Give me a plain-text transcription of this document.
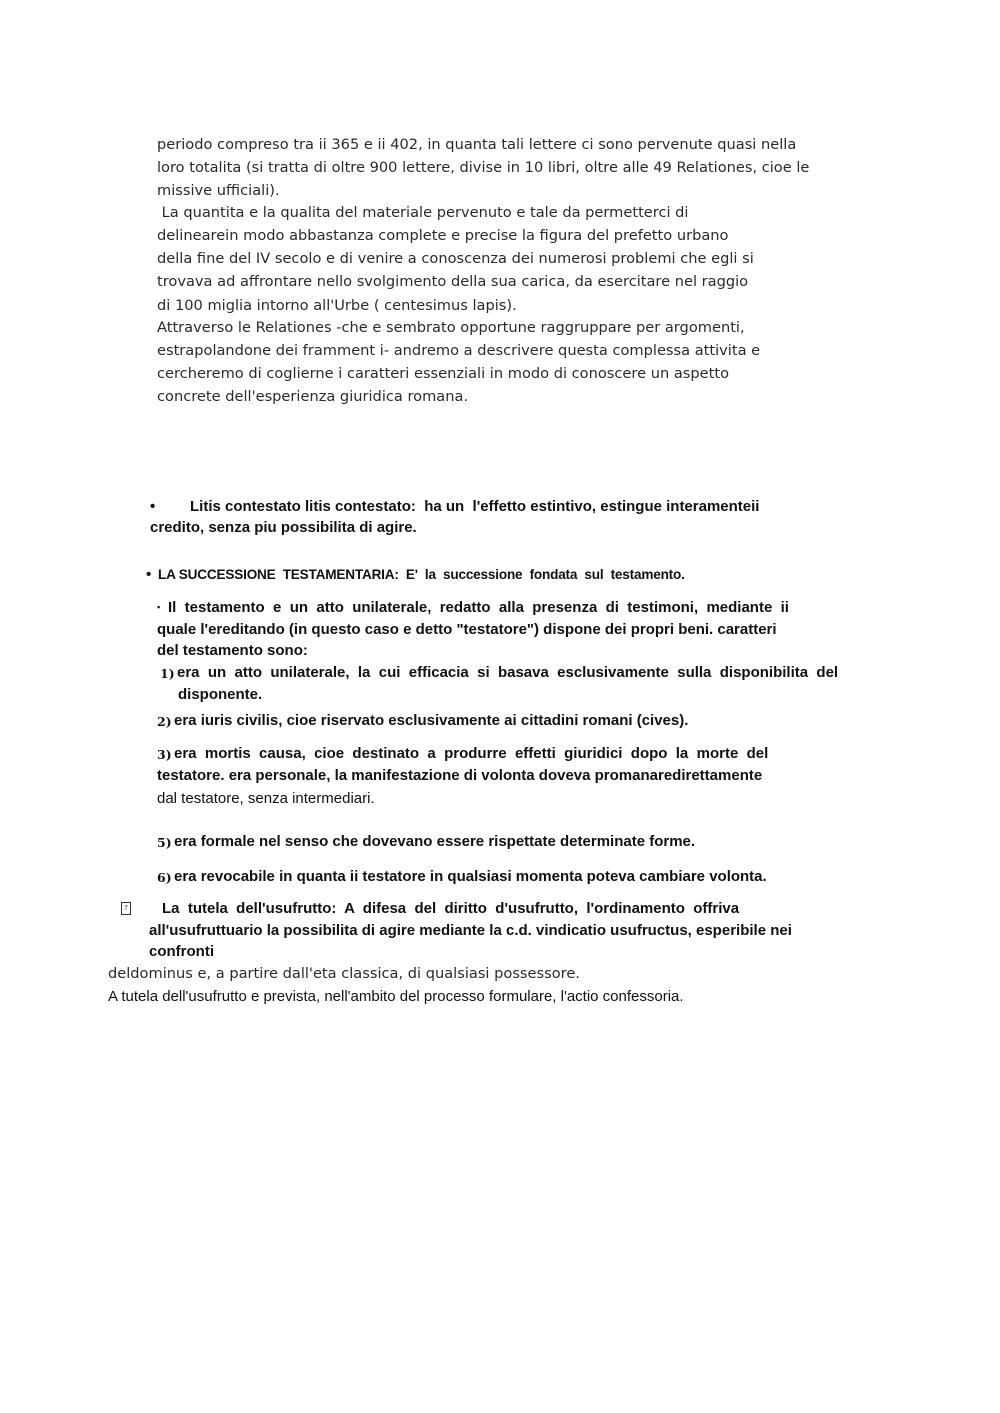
periodo compreso tra ii 365 e ii 402, in quanta tali lettere ci sono pervenute quasi nella

loro totalita (si tratta di oltre 900 lettere, divise in 10 libri, oltre alle 49 Relationes, cioe le

missive ufficiali).

La quantita e la qualita del materiale pervenuto e tale da permetterci di

delinearein modo abbastanza complete e precise la figura del prefetto urbano

della fine del IV secolo e di venire a conoscenza dei numerosi problemi che egli si

trovava ad affrontare nello svolgimento della sua carica, da esercitare nel raggio

di 100 miglia intorno all'Urbe ( centesimus lapis).

Attraverso le Relationes -che e sembrato opportune raggruppare per argomenti,

estrapolandone dei framment i- andremo a descrivere questa complessa attivita e

cercheremo di coglierne i caratteri essenziali in modo di conoscere un aspetto

concrete dell'esperienza giuridica romana.

• Litis contestato litis contestato:  ha un  l'effetto estintivo, estingue interamenteii

credito, senza piu possibilita di agire.

• LA SUCCESSIONE  TESTAMENTARIA:  E'  la  successione  fondata  sul  testamento.

▪ Il  testamento  e  un  atto  unilaterale,  redatto  alla  presenza  di  testimoni,  mediante  ii

quale l'ereditando (in questo caso e detto "testatore") dispone dei propri beni. caratteri

del testamento sono:

1) era  un  atto  unilaterale,  la  cui  efficacia  si  basava  esclusivamente  sulla  disponibilita  del

disponente.

2) era iuris civilis, cioe riservato esclusivamente ai cittadini romani (cives).

3) era  mortis  causa,  cioe  destinato  a  produrre  effetti  giuridici  dopo  la  morte  del

testatore. era personale, la manifestazione di volonta doveva promanaredirettamente

dal testatore, senza intermediari.

5) era formale nel senso che dovevano essere rispettate determinate forme.

6) era revocabile in quanta ii testatore in qualsiasi momenta poteva cambiare volonta.

? La  tutela  dell'usufrutto:  A  difesa  del  diritto  d'usufrutto,  l'ordinamento  offriva

all'usufruttuario la possibilita di agire mediante la c.d. vindicatio usufructus, esperibile nei

confronti

deldominus e, a partire dall'eta classica, di qualsiasi possessore.

A tutela dell'usufrutto e prevista, nell'ambito del processo formulare, l'actio confessoria.
